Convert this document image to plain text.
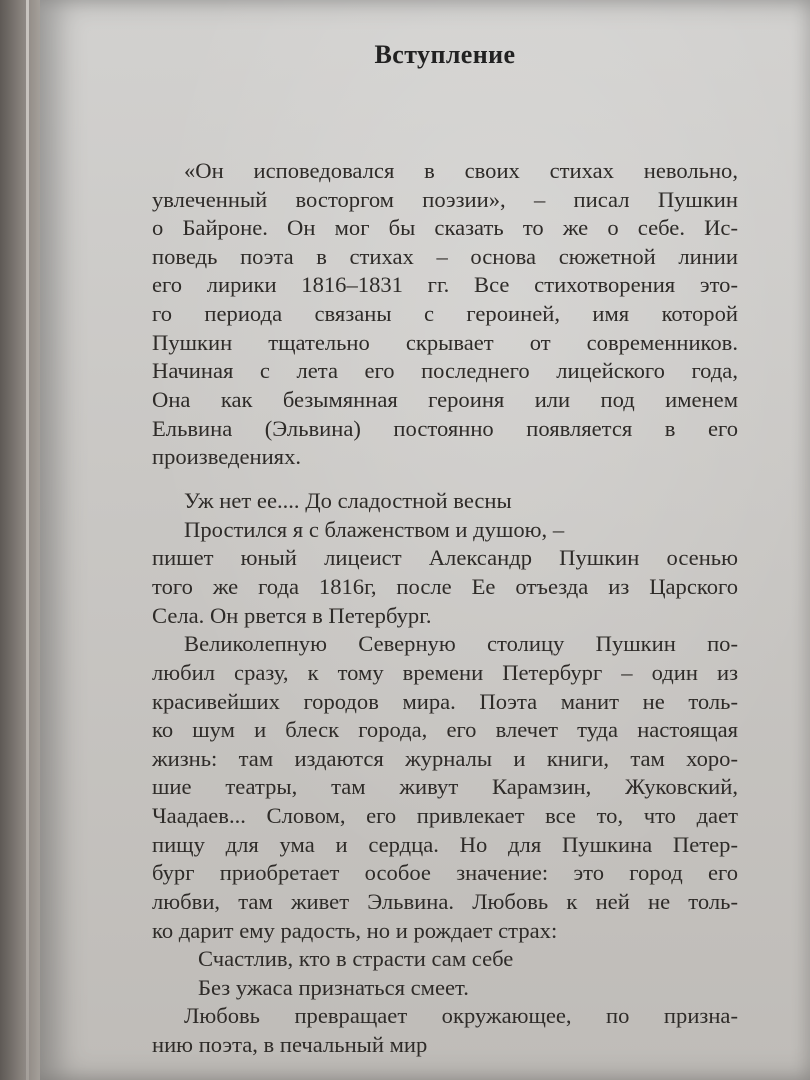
Вступление

«Он исповедовался в своих стихах невольно,

увлеченный восторгом поэзии», – писал Пушкин

о Байроне. Он мог бы сказать то же о себе. Ис-

поведь поэта в стихах – основа сюжетной линии

его лирики 1816–1831 гг. Все стихотворения это-

го периода связаны с героиней, имя которой

Пушкин тщательно скрывает от современников.

Начиная с лета его последнего лицейского года,

Она как безымянная героиня или под именем

Ельвина (Эльвина) постоянно появляется в его

произведениях.

Уж нет ее.... До сладостной весны

Простился я с блаженством и душою, –

пишет юный лицеист Александр Пушкин осенью

того же года 1816г, после Ее отъезда из Царского

Села. Он рвется в Петербург.

Великолепную Северную столицу Пушкин по-

любил сразу, к тому времени Петербург – один из

красивейших городов мира. Поэта манит не толь-

ко шум и блеск города, его влечет туда настоящая

жизнь: там издаются журналы и книги, там хоро-

шие театры, там живут Карамзин, Жуковский,

Чаадаев... Словом, его привлекает все то, что дает

пищу для ума и сердца. Но для Пушкина Петер-

бург приобретает особое значение: это город его

любви, там живет Эльвина. Любовь к ней не толь-

ко дарит ему радость, но и рождает страх:

Счастлив, кто в страсти сам себе

Без ужаса признаться смеет.

Любовь превращает окружающее, по призна-

нию поэта, в печальный мир
